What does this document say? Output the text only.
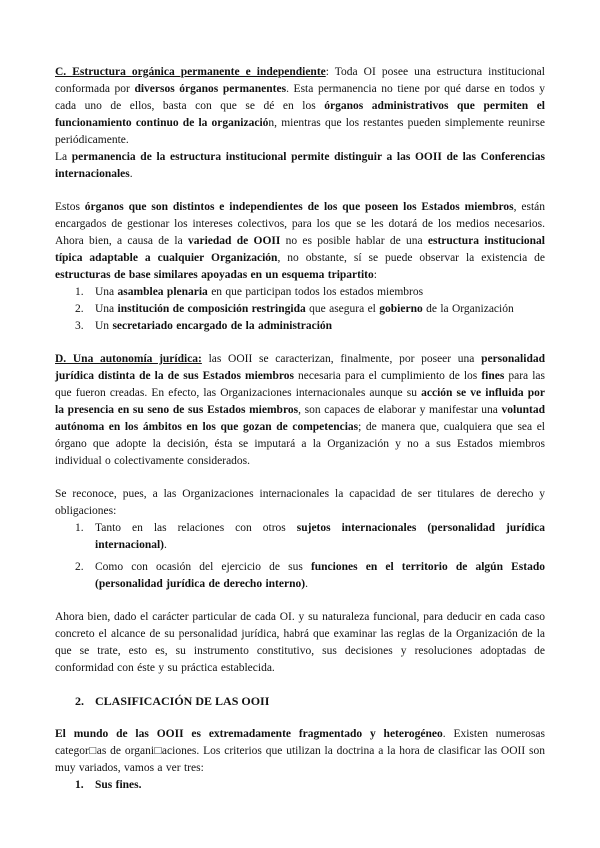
C. Estructura orgánica permanente e independiente: Toda OI posee una estructura institucional conformada por diversos órganos permanentes. Esta permanencia no tiene por qué darse en todos y cada uno de ellos, basta con que se dé en los órganos administrativos que permiten el funcionamiento continuo de la organización, mientras que los restantes pueden simplemente reunirse periódicamente.

La permanencia de la estructura institucional permite distinguir a las OOII de las Conferencias internacionales.

Estos órganos que son distintos e independientes de los que poseen los Estados miembros, están encargados de gestionar los intereses colectivos, para los que se les dotará de los medios necesarios. Ahora bien, a causa de la variedad de OOII no es posible hablar de una estructura institucional típica adaptable a cualquier Organización, no obstante, sí se puede observar la existencia de estructuras de base similares apoyadas en un esquema tripartito:

1. Una asamblea plenaria en que participan todos los estados miembros
2. Una institución de composición restringida que asegura el gobierno de la Organización
3. Un secretariado encargado de la administración

D. Una autonomía jurídica: las OOII se caracterizan, finalmente, por poseer una personalidad jurídica distinta de la de sus Estados miembros necesaria para el cumplimiento de los fines para las que fueron creadas. En efecto, las Organizaciones internacionales aunque su acción se ve influida por la presencia en su seno de sus Estados miembros, son capaces de elaborar y manifestar una voluntad autónoma en los ámbitos en los que gozan de competencias; de manera que, cualquiera que sea el órgano que adopte la decisión, ésta se imputará a la Organización y no a sus Estados miembros individual o colectivamente considerados.

Se reconoce, pues, a las Organizaciones internacionales la capacidad de ser titulares de derecho y obligaciones:

1. Tanto en las relaciones con otros sujetos internacionales (personalidad jurídica internacional).
2. Como con ocasión del ejercicio de sus funciones en el territorio de algún Estado (personalidad jurídica de derecho interno).

Ahora bien, dado el carácter particular de cada OI. y su naturaleza funcional, para deducir en cada caso concreto el alcance de su personalidad jurídica, habrá que examinar las reglas de la Organización de la que se trate, esto es, su instrumento constitutivo, sus decisiones y resoluciones adoptadas de conformidad con éste y su práctica establecida.

2. CLASIFICACIÓN DE LAS OOII

El mundo de las OOII es extremadamente fragmentado y heterogéneo. Existen numerosas categor□as de organi□aciones. Los criterios que utilizan la doctrina a la hora de clasificar las OOII son muy variados, vamos a ver tres:

1. Sus fines.
